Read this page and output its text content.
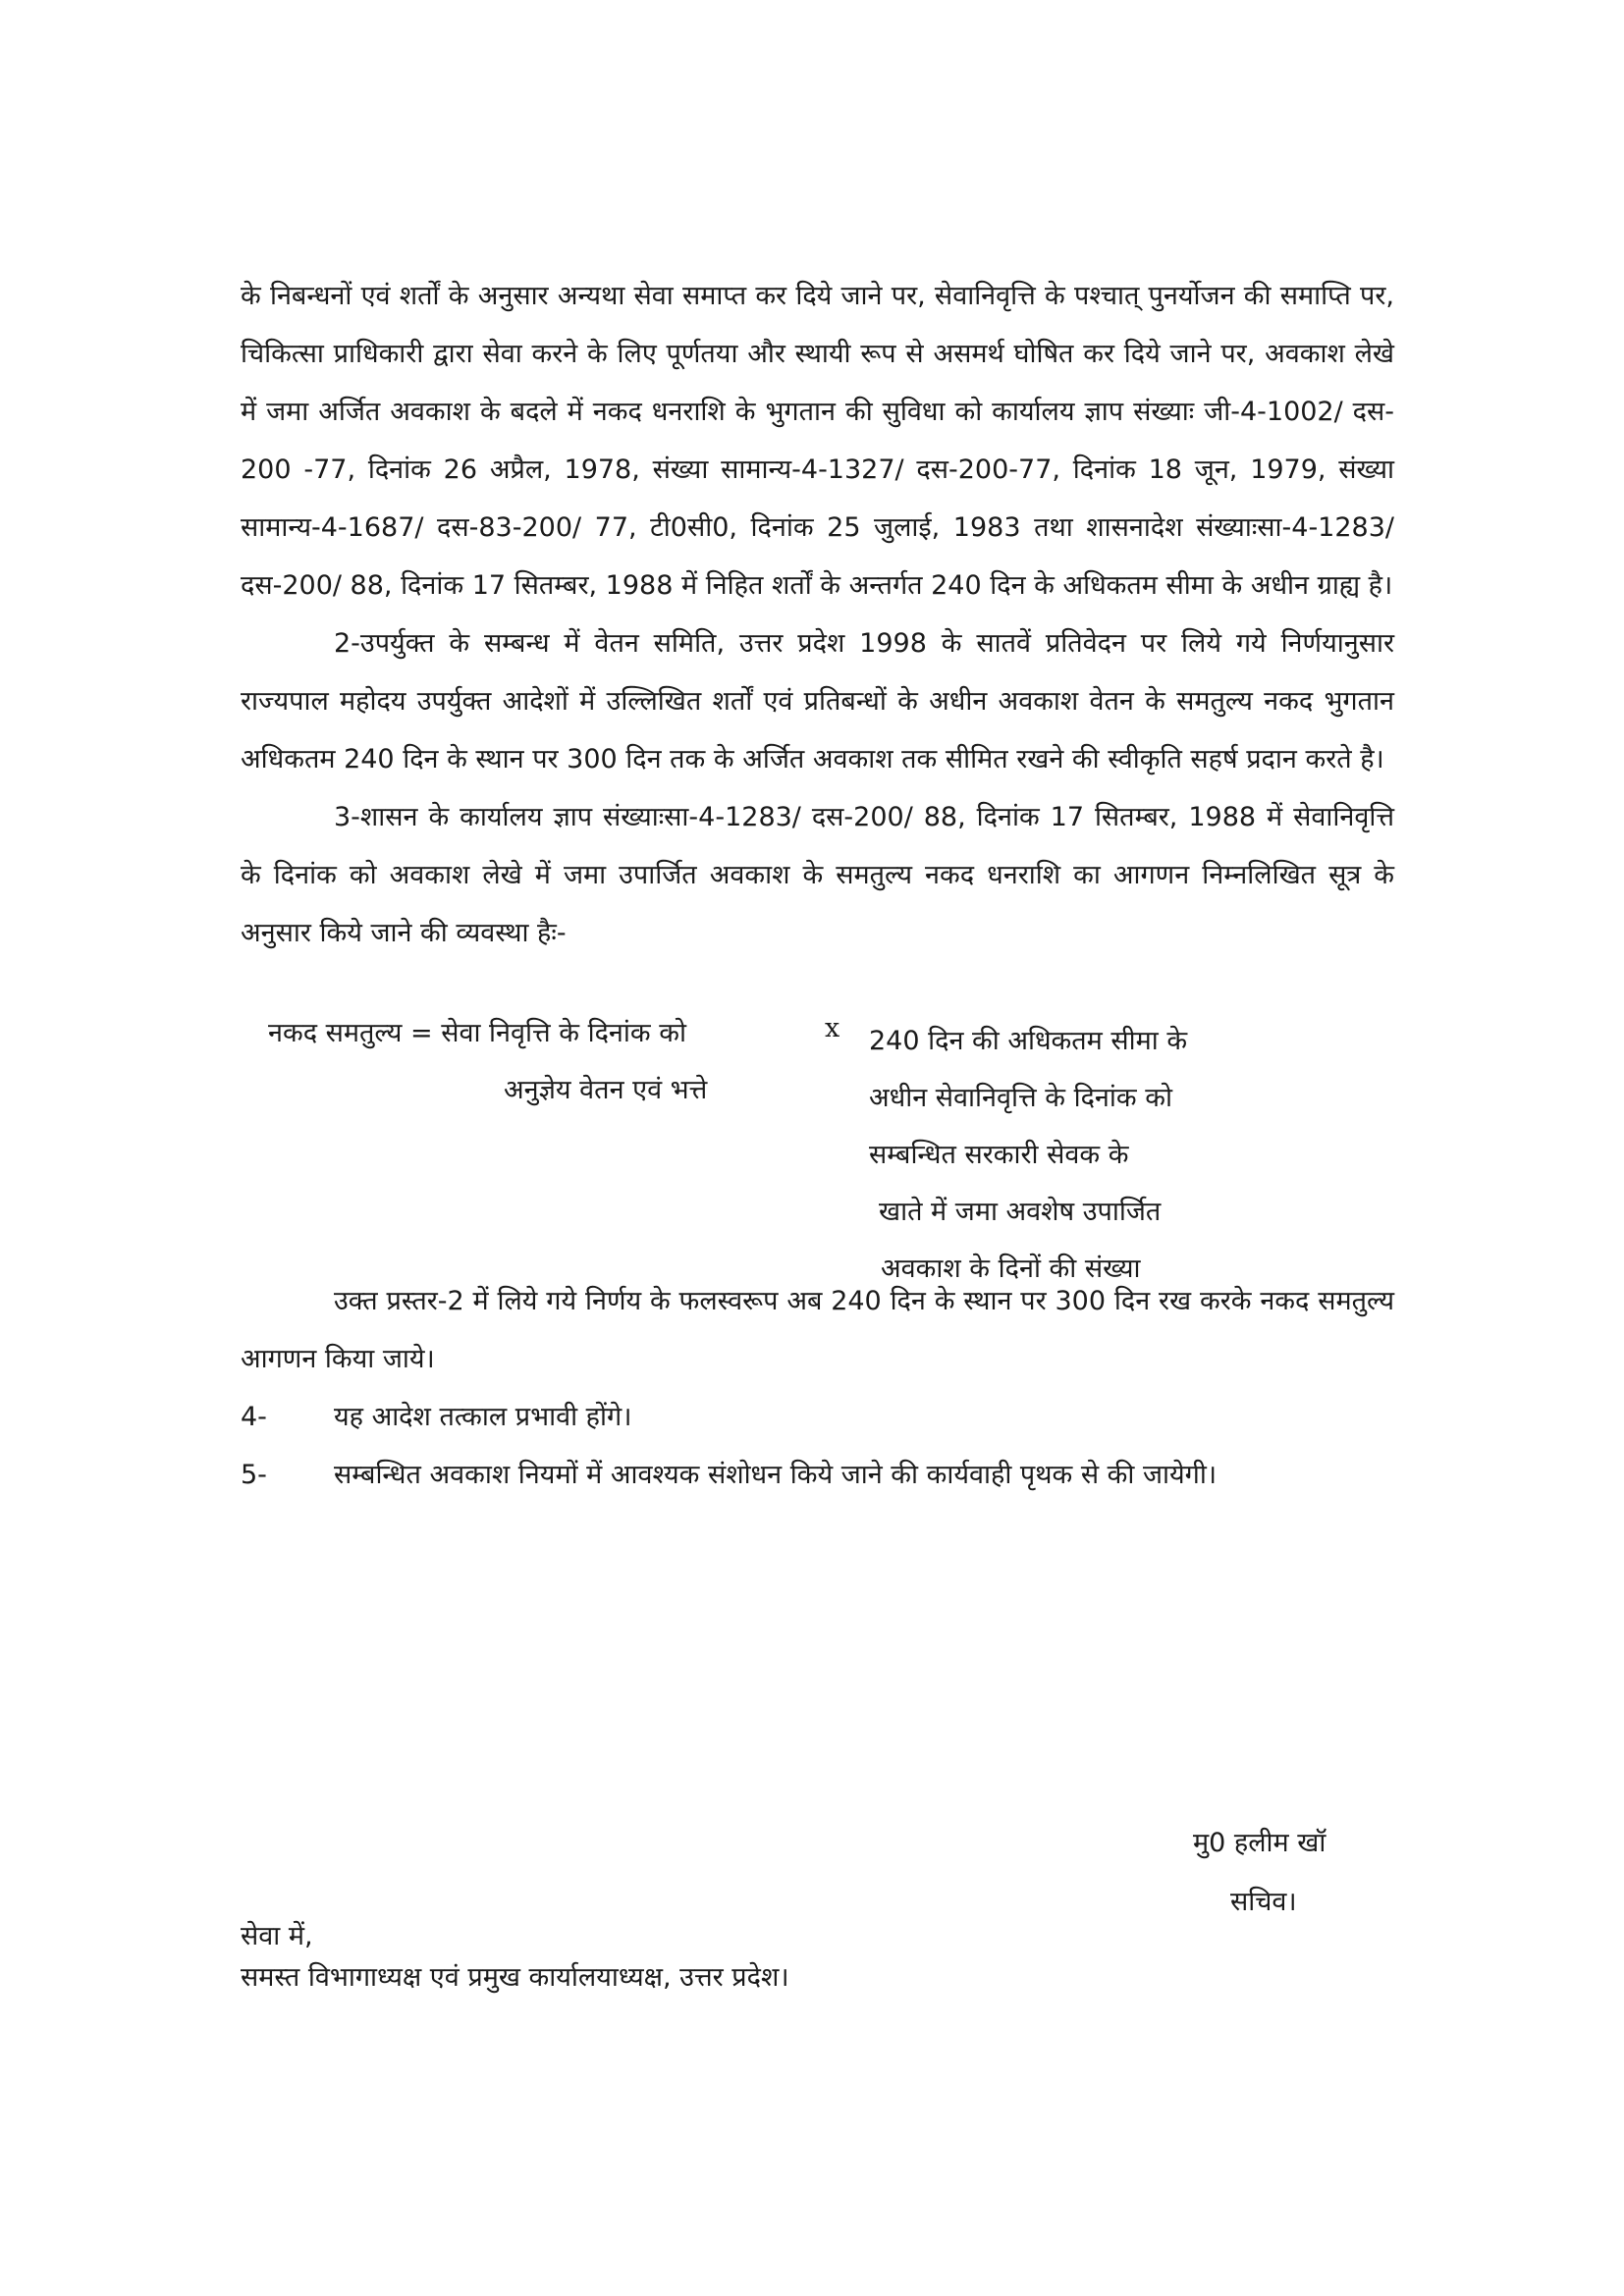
के निबन्धनों एवं शर्तों के अनुसार अन्यथा सेवा समाप्त कर दिये जाने पर, सेवानिवृत्ति के पश्चात् पुनर्योजन की समाप्ति पर, चिकित्सा प्राधिकारी द्वारा सेवा करने के लिए पूर्णतया और स्थायी रूप से असमर्थ घोषित कर दिये जाने पर, अवकाश लेखे में जमा अर्जित अवकाश के बदले में नकद धनराशि के भुगतान की सुविधा को कार्यालय ज्ञाप संख्याः जी-4-1002/ दस- 200 -77, दिनांक 26 अप्रैल, 1978, संख्या सामान्य-4-1327/ दस-200-77, दिनांक 18 जून, 1979, संख्या सामान्य-4-1687/ दस-83-200/ 77, टी0सी0, दिनांक 25 जुलाई, 1983 तथा शासनादेश संख्याःसा-4-1283/ दस-200/ 88, दिनांक 17 सितम्बर, 1988 में निहित शर्तों के अन्तर्गत 240 दिन के अधिकतम सीमा के अधीन ग्राह्य है।

2-उपर्युक्त के सम्बन्ध में वेतन समिति, उत्तर प्रदेश 1998 के सातवें प्रतिवेदन पर लिये गये निर्णयानुसार राज्यपाल महोदय उपर्युक्त आदेशों में उल्लिखित शर्तों एवं प्रतिबन्धों के अधीन अवकाश वेतन के समतुल्य नकद भुगतान अधिकतम 240 दिन के स्थान पर 300 दिन तक के अर्जित अवकाश तक सीमित रखने की स्वीकृति सहर्ष प्रदान करते है।

3-शासन के कार्यालय ज्ञाप संख्याःसा-4-1283/ दस-200/ 88, दिनांक 17 सितम्बर, 1988 में सेवानिवृत्ति के दिनांक को अवकाश लेखे में जमा उपार्जित अवकाश के समतुल्य नकद धनराशि का आगणन निम्नलिखित सूत्र के अनुसार किये जाने की व्यवस्था हैः-

नकद समतुल्य = सेवा निवृत्ति के दिनांक को
अनुज्ञेय वेतन एवं भत्ते
x 240 दिन की अधिकतम सीमा के
अधीन सेवानिवृत्ति के दिनांक को
सम्बन्धित सरकारी सेवक के
खाते में जमा अवशेष उपार्जित
अवकाश के दिनों की संख्या

उक्त प्रस्तर-2 में लिये गये निर्णय के फलस्वरूप अब 240 दिन के स्थान पर 300 दिन रख करके नकद समतुल्य आगणन किया जाये।

4-	यह आदेश तत्काल प्रभावी होंगे।
5-	सम्बन्धित अवकाश नियमों में आवश्यक संशोधन किये जाने की कार्यवाही पृथक से की जायेगी।
मु0 हलीम खॉ
सचिव।
सेवा में,
समस्त विभागाध्यक्ष एवं प्रमुख कार्यालयाध्यक्ष, उत्तर प्रदेश।
